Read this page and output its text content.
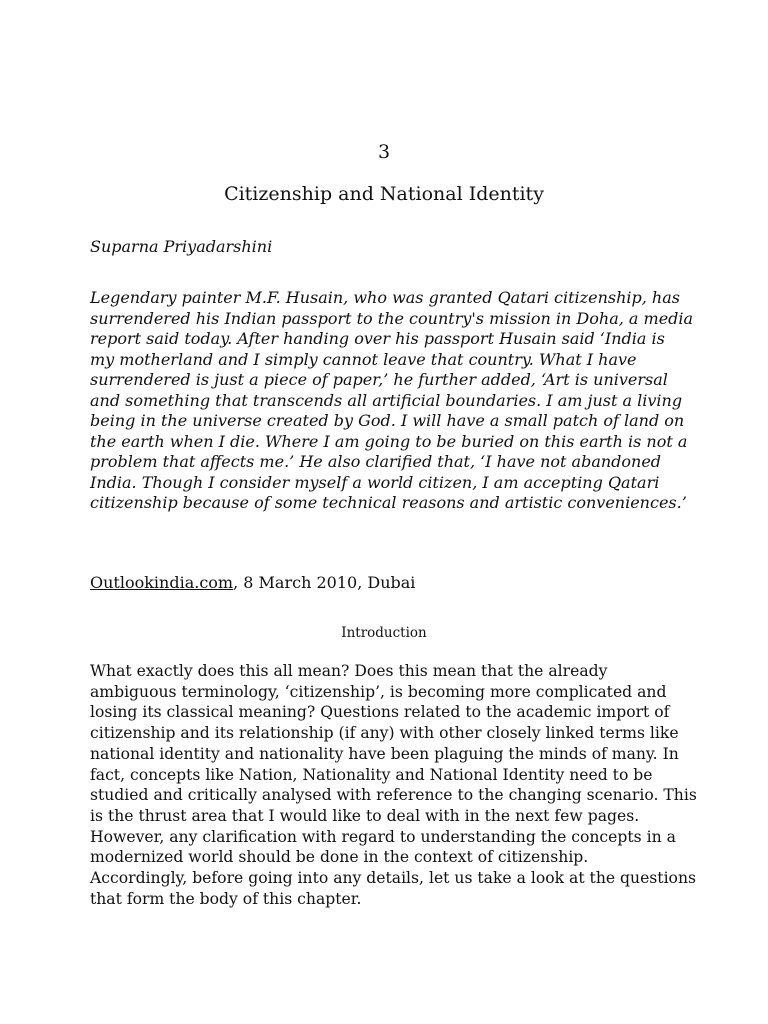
3
Citizenship and National Identity

Suparna Priyadarshini

Legendary painter M.F. Husain, who was granted Qatari citizenship, has
surrendered his Indian passport to the country's mission in Doha, a media
report said today. After handing over his passport Husain said ‘India is
my motherland and I simply cannot leave that country. What I have
surrendered is just a piece of paper,’ he further added, ‘Art is universal
and something that transcends all artificial boundaries. I am just a living
being in the universe created by God. I will have a small patch of land on
the earth when I die. Where I am going to be buried on this earth is not a
problem that affects me.’ He also clarified that, ‘I have not abandoned
India. Though I consider myself a world citizen, I am accepting Qatari
citizenship because of some technical reasons and artistic conveniences.’

Outlookindia.com, 8 March 2010, Dubai

Introduction

What exactly does this all mean? Does this mean that the already
ambiguous terminology, ‘citizenship’, is becoming more complicated and
losing its classical meaning? Questions related to the academic import of
citizenship and its relationship (if any) with other closely linked terms like
national identity and nationality have been plaguing the minds of many. In
fact, concepts like Nation, Nationality and National Identity need to be
studied and critically analysed with reference to the changing scenario. This
is the thrust area that I would like to deal with in the next few pages.
However, any clarification with regard to understanding the concepts in a
modernized world should be done in the context of citizenship.
Accordingly, before going into any details, let us take a look at the questions
that form the body of this chapter.
